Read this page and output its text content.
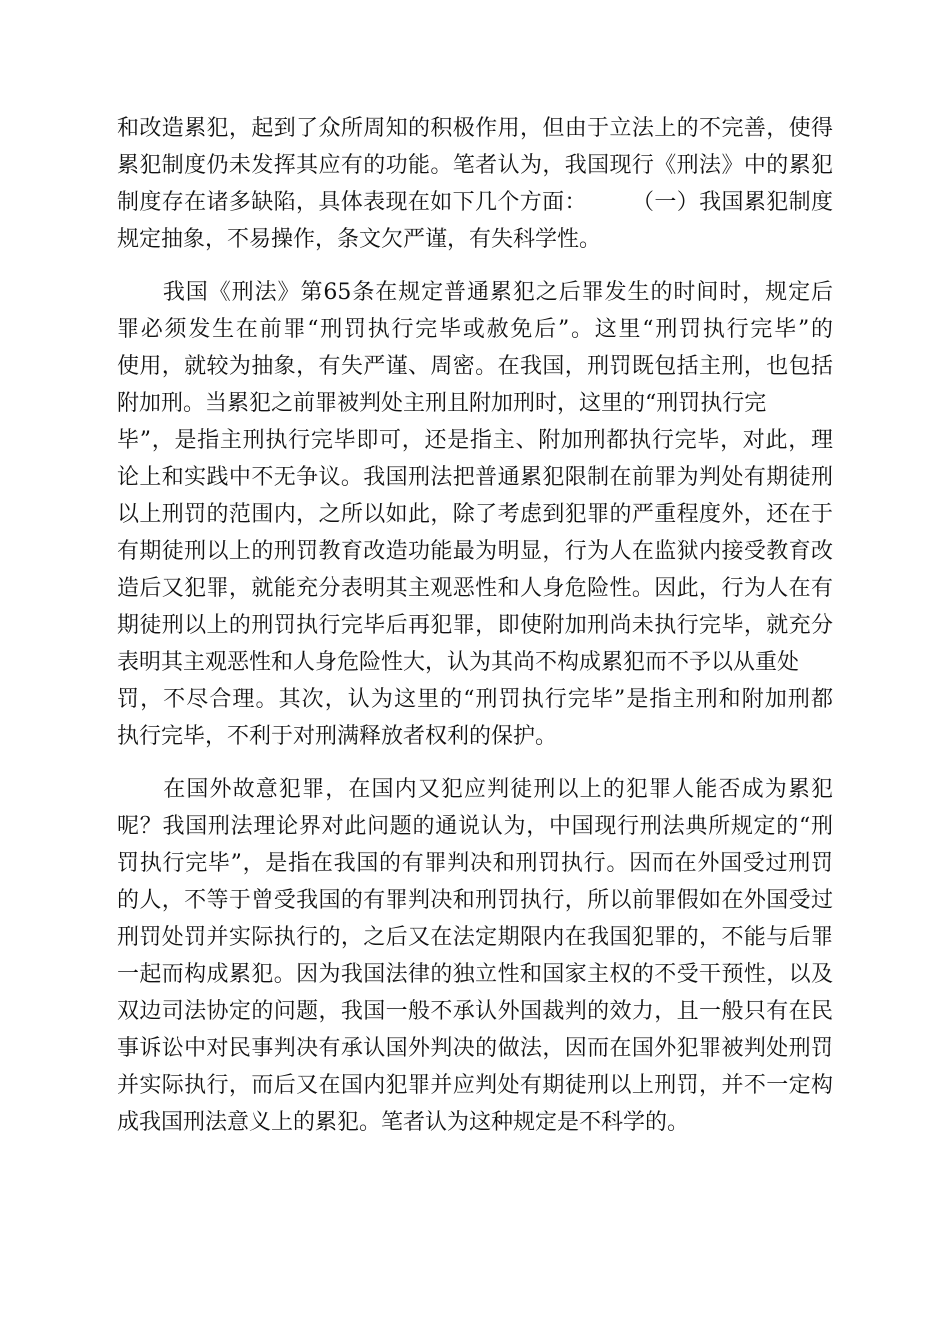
和改造累犯，起到了众所周知的积极作用，但由于立法上的不完善，使得
累犯制度仍未发挥其应有的功能。笔者认为，我国现行《刑法》中的累犯
制度存在诸多缺陷，具体表现在如下几个方面：　　　（一）我国累犯制度
规定抽象，不易操作，条文欠严谨，有失科学性。
　　我国《刑法》第65条在规定普通累犯之后罪发生的时间时，规定后
罪必须发生在前罪“刑罚执行完毕或赦免后”。这里“刑罚执行完毕”的
使用，就较为抽象，有失严谨、周密。在我国，刑罚既包括主刑，也包括
附加刑。当累犯之前罪被判处主刑且附加刑时，这里的“刑罚执行完
毕”，是指主刑执行完毕即可，还是指主、附加刑都执行完毕，对此，理
论上和实践中不无争议。我国刑法把普通累犯限制在前罪为判处有期徒刑
以上刑罚的范围内，之所以如此，除了考虑到犯罪的严重程度外，还在于
有期徒刑以上的刑罚教育改造功能最为明显，行为人在监狱内接受教育改
造后又犯罪，就能充分表明其主观恶性和人身危险性。因此，行为人在有
期徒刑以上的刑罚执行完毕后再犯罪，即使附加刑尚未执行完毕，就充分
表明其主观恶性和人身危险性大，认为其尚不构成累犯而不予以从重处
罚，不尽合理。其次，认为这里的“刑罚执行完毕”是指主刑和附加刑都
执行完毕，不利于对刑满释放者权利的保护。
　　在国外故意犯罪，在国内又犯应判徒刑以上的犯罪人能否成为累犯
呢？我国刑法理论界对此问题的通说认为，中国现行刑法典所规定的“刑
罚执行完毕”，是指在我国的有罪判决和刑罚执行。因而在外国受过刑罚
的人，不等于曾受我国的有罪判决和刑罚执行，所以前罪假如在外国受过
刑罚处罚并实际执行的，之后又在法定期限内在我国犯罪的，不能与后罪
一起而构成累犯。因为我国法律的独立性和国家主权的不受干预性，以及
双边司法协定的问题，我国一般不承认外国裁判的效力，且一般只有在民
事诉讼中对民事判决有承认国外判决的做法，因而在国外犯罪被判处刑罚
并实际执行，而后又在国内犯罪并应判处有期徒刑以上刑罚，并不一定构
成我国刑法意义上的累犯。笔者认为这种规定是不科学的。
